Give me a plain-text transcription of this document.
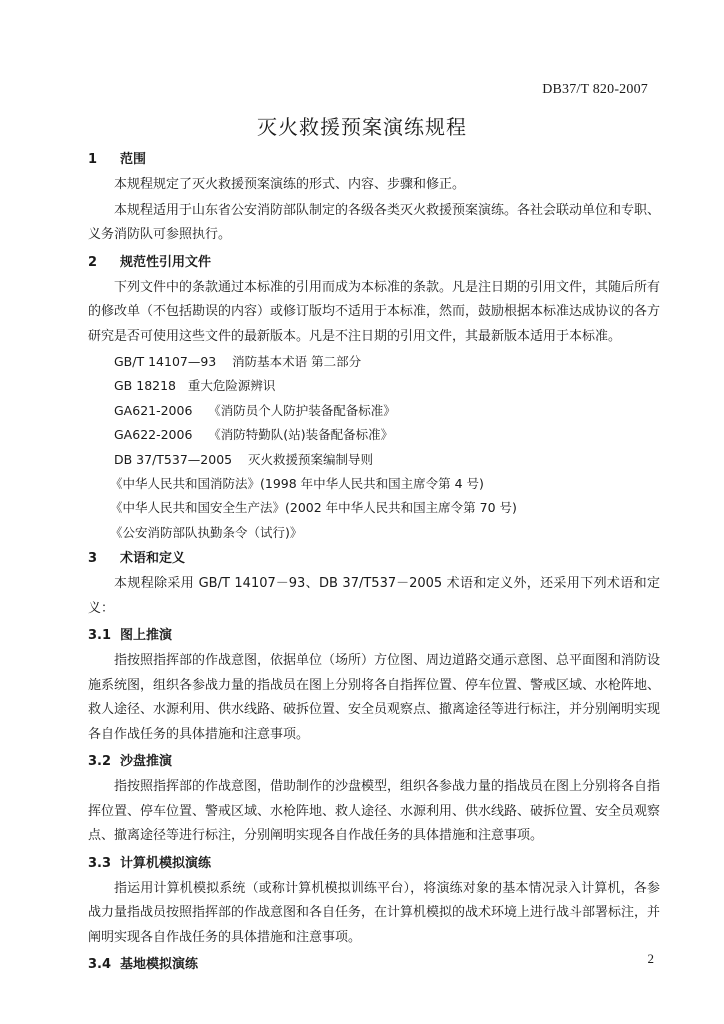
DB37/T 820-2007
灭火救援预案演练规程
1 范围

本规程规定了灭火救援预案演练的形式、内容、步骤和修正。

本规程适用于山东省公安消防部队制定的各级各类灭火救援预案演练。各社会联动单位和专职、义务消防队可参照执行。

2 规范性引用文件

下列文件中的条款通过本标准的引用而成为本标准的条款。凡是注日期的引用文件，其随后所有的修改单（不包括勘误的内容）或修订版均不适用于本标准，然而，鼓励根据本标准达成协议的各方研究是否可使用这些文件的最新版本。凡是不注日期的引用文件，其最新版本适用于本标准。

GB/T 14107—93    消防基本术语 第二部分
GB 18218   重大危险源辨识
GA621-2006    《消防员个人防护装备配备标准》
GA622-2006    《消防特勤队(站)装备配备标准》
DB 37/T537—2005    灭火救援预案编制导则
《中华人民共和国消防法》(1998 年中华人民共和国主席令第 4 号)
《中华人民共和国安全生产法》(2002 年中华人民共和国主席令第 70 号)
《公安消防部队执勤条令（试行)》
3 术语和定义

本规程除采用 GB/T 14107－93、DB 37/T537－2005 术语和定义外，还采用下列术语和定义：

3.1 图上推演

指按照指挥部的作战意图，依据单位（场所）方位图、周边道路交通示意图、总平面图和消防设施系统图，组织各参战力量的指战员在图上分别将各自指挥位置、停车位置、警戒区域、水枪阵地、救人途径、水源利用、供水线路、破拆位置、安全员观察点、撤离途径等进行标注，并分别阐明实现各自作战任务的具体措施和注意事项。

3.2 沙盘推演

指按照指挥部的作战意图，借助制作的沙盘模型，组织各参战力量的指战员在图上分别将各自指挥位置、停车位置、警戒区域、水枪阵地、救人途径、水源利用、供水线路、破拆位置、安全员观察点、撤离途径等进行标注，分别阐明实现各自作战任务的具体措施和注意事项。

3.3 计算机模拟演练

指运用计算机模拟系统（或称计算机模拟训练平台），将演练对象的基本情况录入计算机，各参战力量指战员按照指挥部的作战意图和各自任务，在计算机模拟的战术环境上进行战斗部署标注，并阐明实现各自作战任务的具体措施和注意事项。

3.4 基地模拟演练	2
